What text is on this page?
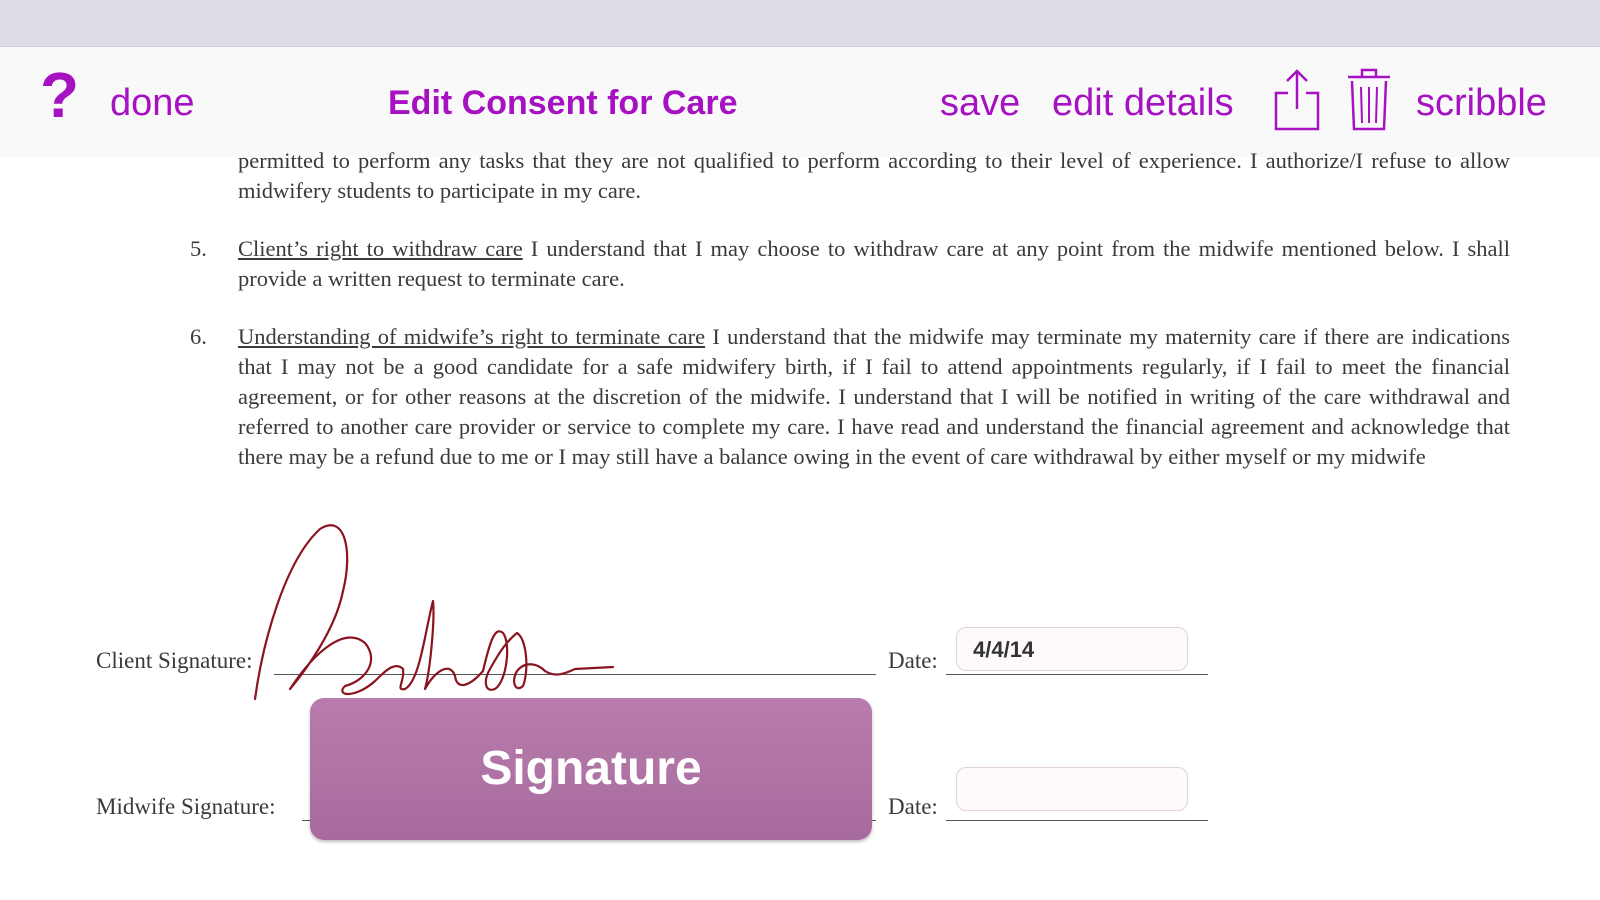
? done	Edit Consent for Care	save edit details	scribble
permitted to perform any tasks that they are not qualified to perform according to their level of experience. I authorize/I refuse to allow midwifery students to participate in my care.
5. Client’s right to withdraw care I understand that I may choose to withdraw care at any point from the midwife mentioned below. I shall provide a written request to terminate care.
6. Understanding of midwife’s right to terminate care I understand that the midwife may terminate my maternity care if there are indications that I may not be a good candidate for a safe midwifery birth, if I fail to attend appointments regularly, if I fail to meet the financial agreement, or for other reasons at the discretion of the midwife. I understand that I will be notified in writing of the care withdrawal and referred to another care provider or service to complete my care. I have read and understand the financial agreement and acknowledge that there may be a refund due to me or I may still have a balance owing in the event of care withdrawal by either myself or my midwife
Client Signature:	Date:	4/4/14
Midwife Signature:	Date:
Signature
